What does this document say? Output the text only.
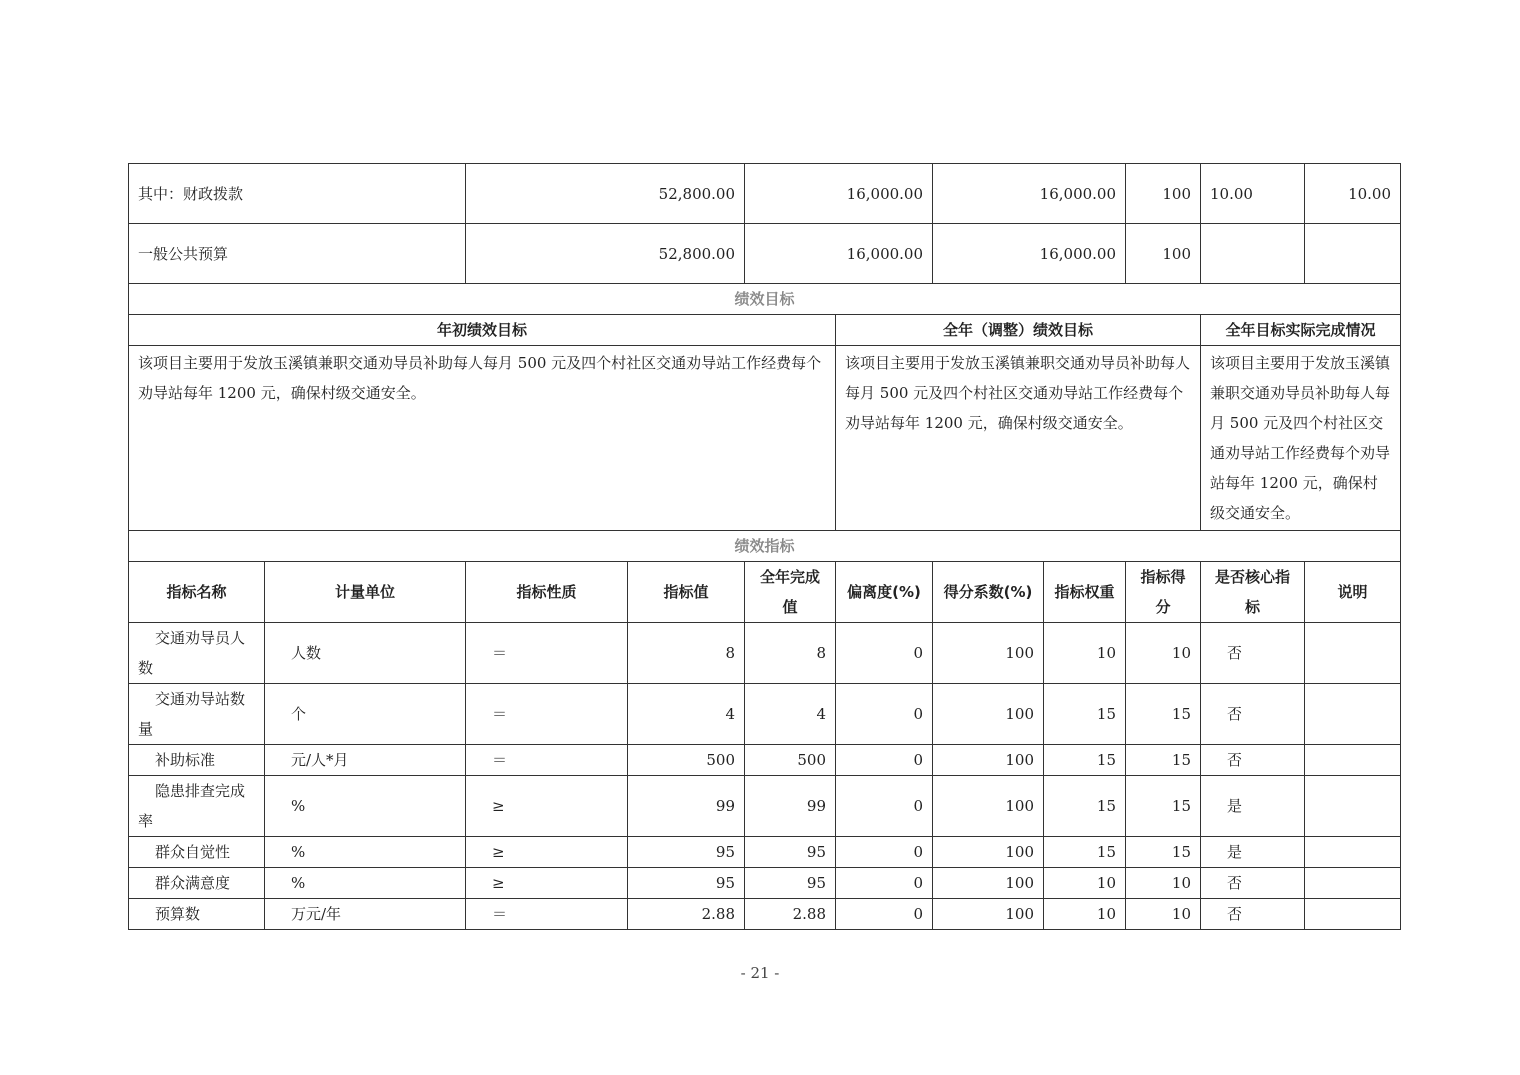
其中：财政拨款		52,800.00		16,000.00		16,000.00		100	10.00	10.00
一般公共预算		52,800.00		16,000.00		16,000.00		100		
绩效目标										
年初绩效目标					全年（调整）绩效目标				全年目标实际完成情况	
该项目主要用于发放玉溪镇兼职交通劝导员补助每人每月 500 元及四个村社区交通劝导站工作经费每个劝导站每年 1200 元，确保村级交通安全。					该项目主要用于发放玉溪镇兼职交通劝导员补助每人每月 500 元及四个村社区交通劝导站工作经费每个劝导站每年 1200 元，确保村级交通安全。				该项目主要用于发放玉溪镇兼职交通劝导员补助每人每月 500 元及四个村社区交通劝导站工作经费每个劝导站每年 1200 元，确保村级交通安全。	
绩效指标										
指标名称	计量单位	指标性质	指标值	全年完成值	偏离度(%)	得分系数(%)	指标权重	指标得分	是否核心指标	说明
交通劝导员人数	人数	＝	8	8	0	100	10	10	否	
交通劝导站数量	个	＝	4	4	0	100	15	15	否	
补助标准	元/人*月	＝	500	500	0	100	15	15	否	
隐患排查完成率	%	≥	99	99	0	100	15	15	是	
群众自觉性	%	≥	95	95	0	100	15	15	是	
群众满意度	%	≥	95	95	0	100	10	10	否	
预算数	万元/年	＝	2.88	2.88	0	100	10	10	否	
- 21 -
